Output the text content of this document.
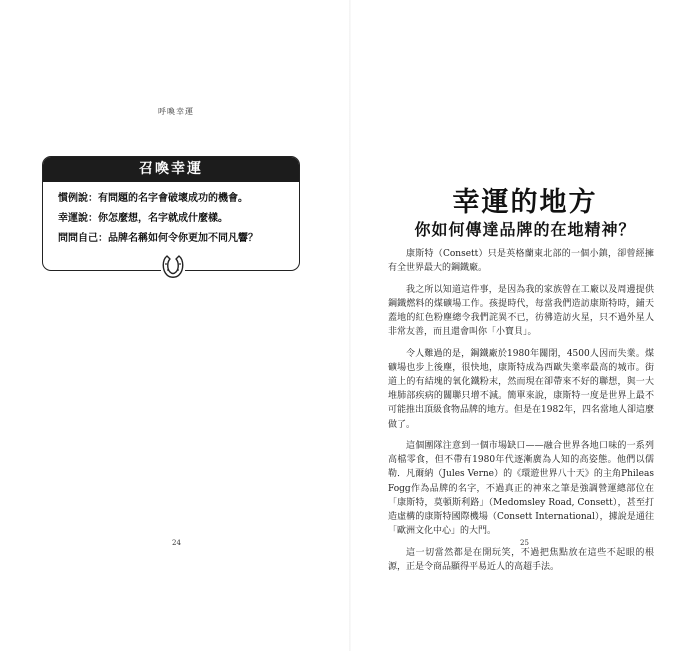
呼喚幸運
召喚幸運
慣例說：有問題的名字會破壞成功的機會。
幸運說：你怎麼想，名字就成什麼樣。
問問自己：品牌名稱如何令你更加不同凡響？
24
幸運的地方
你如何傳達品牌的在地精神？

康斯特（Consett）只是英格蘭東北部的一個小鎮，卻曾經擁有全世界最大的鋼鐵廠。

我之所以知道這件事，是因為我的家族曾在工廠以及周邊提供鋼鐵燃料的煤礦場工作。孩提時代，每當我們造訪康斯特時，鋪天蓋地的紅色粉塵總令我們詫異不已，彷彿造訪火星，只不過外星人非常友善，而且還會叫你「小寶貝」。

令人難過的是，鋼鐵廠於1980年關閉，4500人因而失業。煤礦場也步上後塵，很快地，康斯特成為西歐失業率最高的城市。街道上的有結塊的氧化鐵粉末，然而現在卻帶來不好的聯想，與一大堆肺部疾病的關聯只增不減。簡單來說，康斯特一度是世界上最不可能推出頂級食物品牌的地方。但是在1982年，四名當地人卻這麼做了。

這個團隊注意到一個市場缺口——融合世界各地口味的一系列高檔零食，但不帶有1980年代逐漸廣為人知的高姿態。他們以儒勒．凡爾納（Jules Verne）的《環遊世界八十天》的主角Phileas Fogg作為品牌的名字，不過真正的神來之筆是強調營運總部位在「康斯特，莫頓斯利路」（Medomsley Road, Consett），甚至打造虛構的康斯特國際機場（Consett International），據說是通往「歐洲文化中心」的大門。

這一切當然都是在開玩笑，不過把焦點放在這些不起眼的根源，正是令商品顯得平易近人的高超手法。

25
